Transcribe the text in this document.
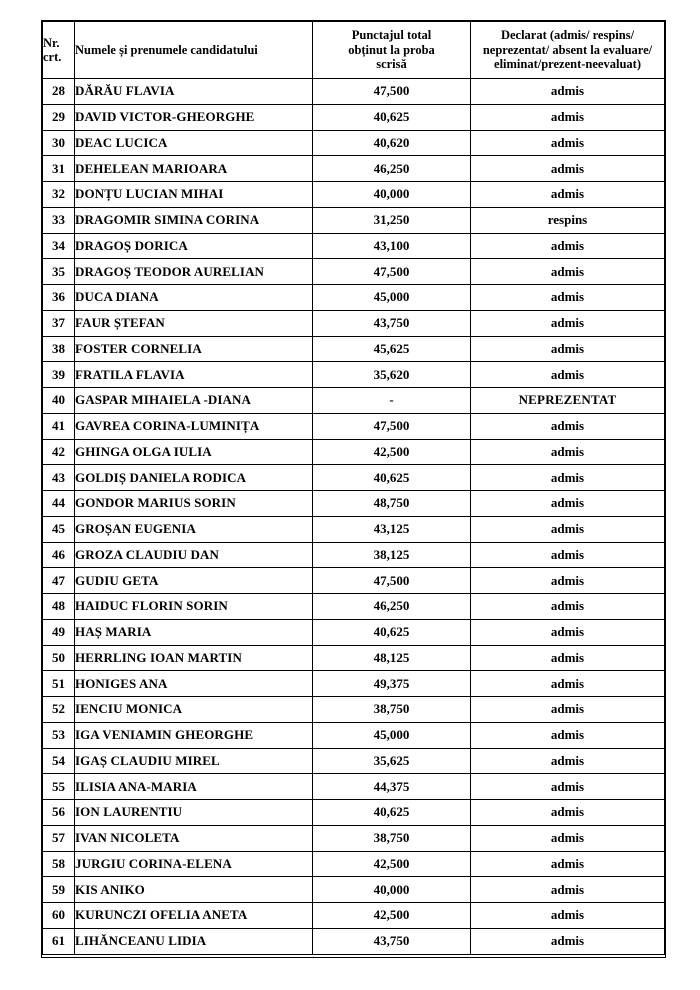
Nr.
crt.	Numele și prenumele candidatului	Punctajul total
obținut la proba
scrisă	Declarat (admis/ respins/
neprezentat/ absent la evaluare/
eliminat/prezent-neevaluat)
28	DĂRĂU FLAVIA	47,500	admis
29	DAVID VICTOR-GHEORGHE	40,625	admis
30	DEAC LUCICA	40,620	admis
31	DEHELEAN MARIOARA	46,250	admis
32	DONȚU LUCIAN MIHAI	40,000	admis
33	DRAGOMIR SIMINA CORINA	31,250	respins
34	DRAGOȘ DORICA	43,100	admis
35	DRAGOȘ TEODOR AURELIAN	47,500	admis
36	DUCA DIANA	45,000	admis
37	FAUR ȘTEFAN	43,750	admis
38	FOSTER CORNELIA	45,625	admis
39	FRATILA FLAVIA	35,620	admis
40	GASPAR MIHAIELA -DIANA	-	NEPREZENTAT
41	GAVREA CORINA-LUMINIȚA	47,500	admis
42	GHINGA OLGA IULIA	42,500	admis
43	GOLDIȘ DANIELA RODICA	40,625	admis
44	GONDOR MARIUS SORIN	48,750	admis
45	GROȘAN EUGENIA	43,125	admis
46	GROZA CLAUDIU DAN	38,125	admis
47	GUDIU GETA	47,500	admis
48	HAIDUC FLORIN SORIN	46,250	admis
49	HAȘ MARIA	40,625	admis
50	HERRLING IOAN MARTIN	48,125	admis
51	HONIGES ANA	49,375	admis
52	IENCIU MONICA	38,750	admis
53	IGA VENIAMIN GHEORGHE	45,000	admis
54	IGAȘ CLAUDIU MIREL	35,625	admis
55	ILISIA ANA-MARIA	44,375	admis
56	ION LAURENTIU	40,625	admis
57	IVAN NICOLETA	38,750	admis
58	JURGIU CORINA-ELENA	42,500	admis
59	KIS ANIKO	40,000	admis
60	KURUNCZI OFELIA ANETA	42,500	admis
61	LIHĂNCEANU LIDIA	43,750	admis
